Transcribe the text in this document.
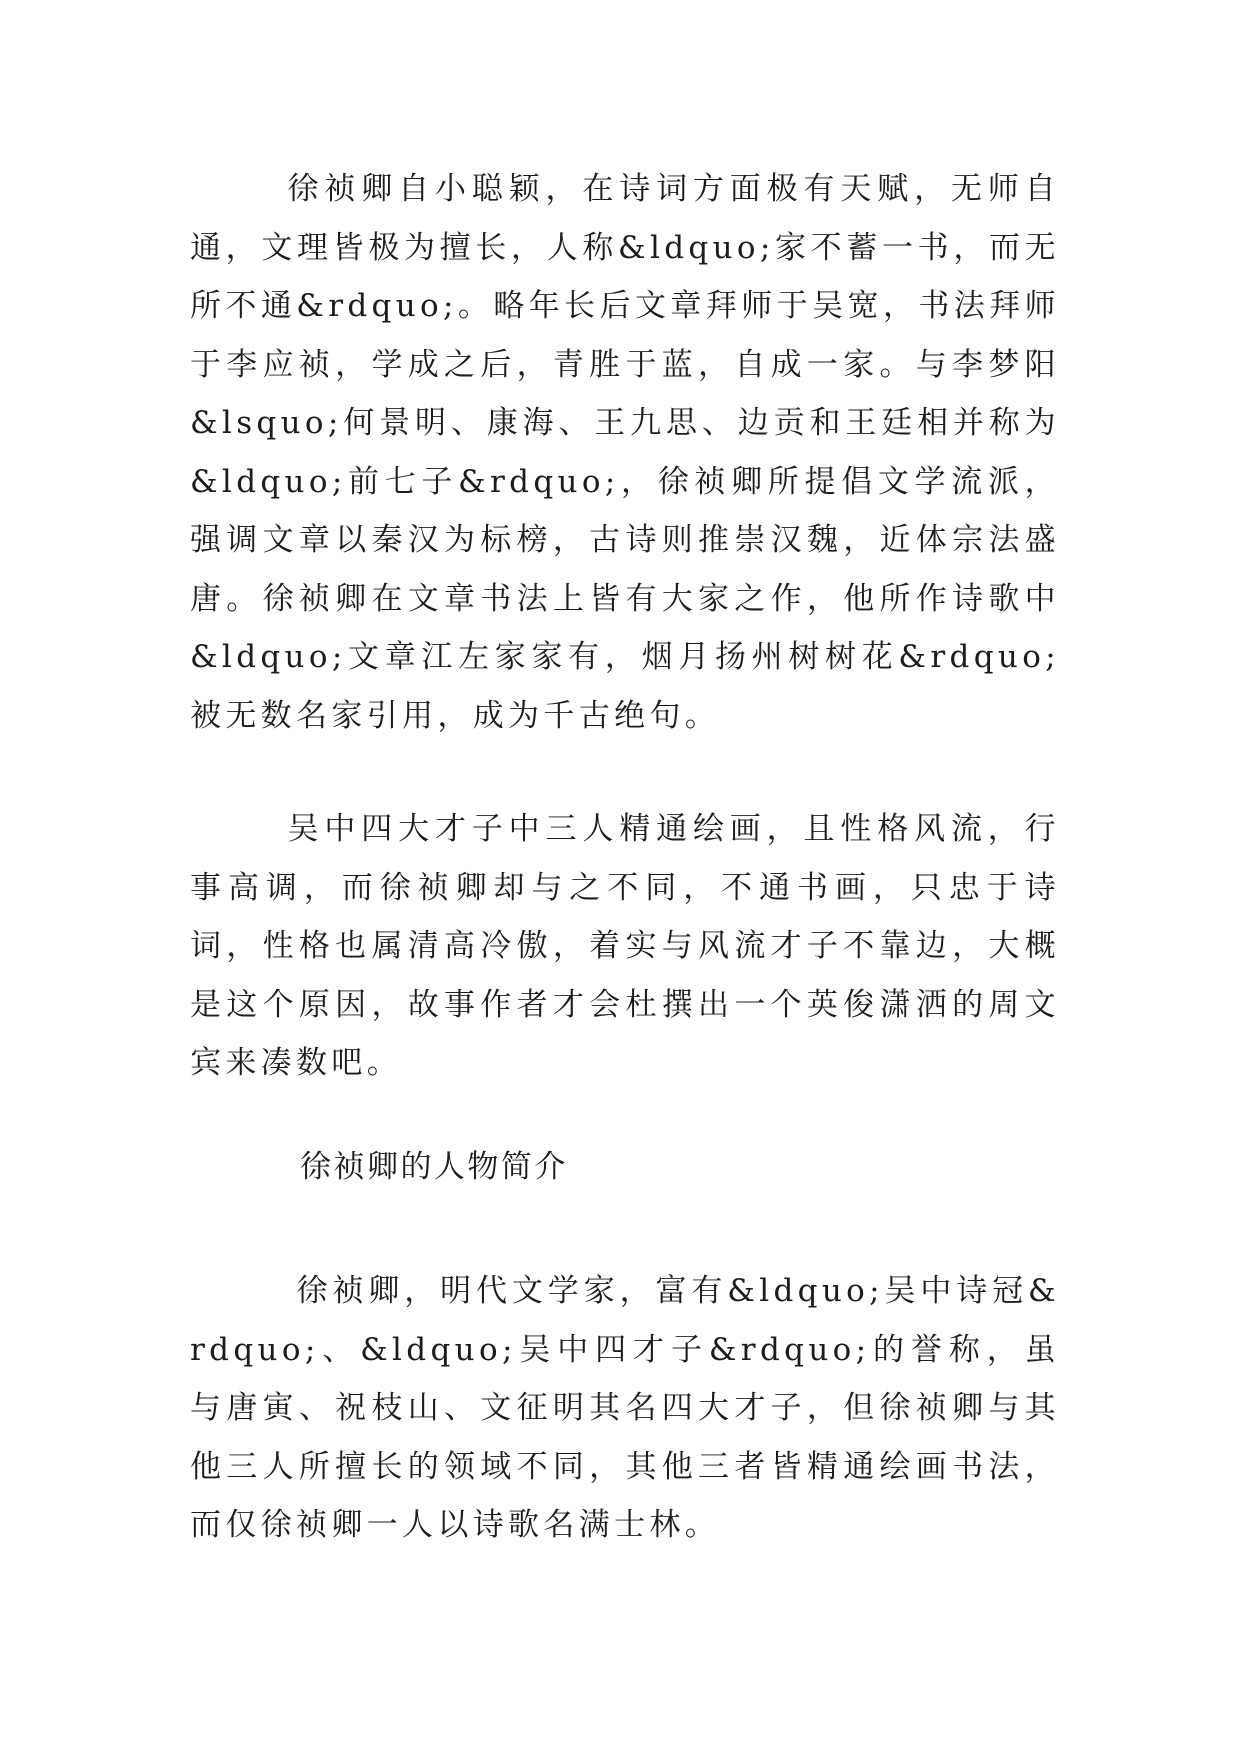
徐祯卿自小聪颖，在诗词方面极有天赋，无师自通，文理皆极为擅长，人称&ldquo;家不蓄一书，而无所不通&rdquo;。略年长后文章拜师于吴宽，书法拜师于李应祯，学成之后，青胜于蓝，自成一家。与李梦阳&lsquo;何景明、康海、王九思、边贡和王廷相并称为&ldquo;前七子&rdquo;，徐祯卿所提倡文学流派，强调文章以秦汉为标榜，古诗则推崇汉魏，近体宗法盛唐。徐祯卿在文章书法上皆有大家之作，他所作诗歌中&ldquo;文章江左家家有，烟月扬州树树花&rdquo;被无数名家引用，成为千古绝句。
吴中四大才子中三人精通绘画，且性格风流，行事高调，而徐祯卿却与之不同，不通书画，只忠于诗词，性格也属清高冷傲，着实与风流才子不靠边，大概是这个原因，故事作者才会杜撰出一个英俊潇洒的周文宾来凑数吧。
徐祯卿的人物简介
徐祯卿，明代文学家，富有&ldquo;吴中诗冠&rdquo;、&ldquo;吴中四才子&rdquo;的誉称，虽与唐寅、祝枝山、文征明其名四大才子，但徐祯卿与其他三人所擅长的领域不同，其他三者皆精通绘画书法，而仅徐祯卿一人以诗歌名满士林。
